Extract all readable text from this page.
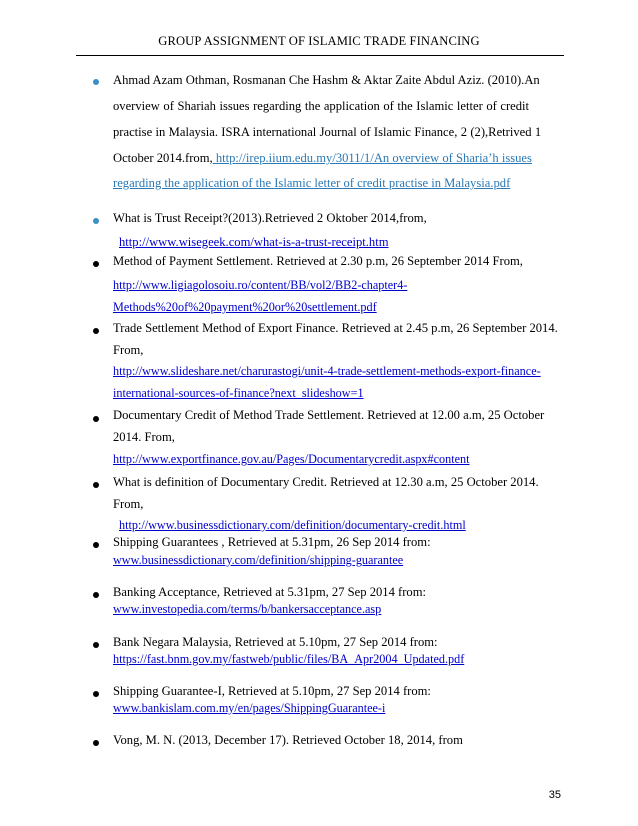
GROUP ASSIGNMENT OF ISLAMIC TRADE FINANCING
Ahmad Azam Othman, Rosmanan Che Hashm & Aktar Zaite Abdul Aziz. (2010).An
overview of Shariah issues regarding the application of the Islamic letter of credit
practise in Malaysia. ISRA international Journal of Islamic Finance, 2 (2),Retrived 1
October 2014.from, http://irep.iium.edu.my/3011/1/An overview of Sharia’h issues
regarding the application of the Islamic letter of credit practise in Malaysia.pdf
What is Trust Receipt?(2013).Retrieved 2 Oktober 2014,from,
http://www.wisegeek.com/what-is-a-trust-receipt.htm
Method of Payment Settlement. Retrieved at 2.30 p.m, 26 September 2014 From,
http://www.ligiagolosoiu.ro/content/BB/vol2/BB2-chapter4-
Methods%20of%20payment%20or%20settlement.pdf
Trade Settlement Method of Export Finance. Retrieved at 2.45 p.m, 26 September 2014.
From,
http://www.slideshare.net/charurastogi/unit-4-trade-settlement-methods-export-finance-
international-sources-of-finance?next_slideshow=1
Documentary Credit of Method Trade Settlement. Retrieved at 12.00 a.m, 25 October
2014. From,
http://www.exportfinance.gov.au/Pages/Documentarycredit.aspx#content
What is definition of Documentary Credit. Retrieved at 12.30 a.m, 25 October 2014.
From,
http://www.businessdictionary.com/definition/documentary-credit.html
Shipping Guarantees , Retrieved at 5.31pm, 26 Sep 2014 from:
www.businessdictionary.com/definition/shipping-guarantee
Banking Acceptance, Retrieved at 5.31pm, 27 Sep 2014 from:
www.investopedia.com/terms/b/bankersacceptance.asp
Bank Negara Malaysia, Retrieved at 5.10pm, 27 Sep 2014 from:
https://fast.bnm.gov.my/fastweb/public/files/BA_Apr2004_Updated.pdf
Shipping Guarantee-I, Retrieved at 5.10pm, 27 Sep 2014 from:
www.bankislam.com.my/en/pages/ShippingGuarantee-i
Vong, M. N. (2013, December 17). Retrieved October 18, 2014, from
35
